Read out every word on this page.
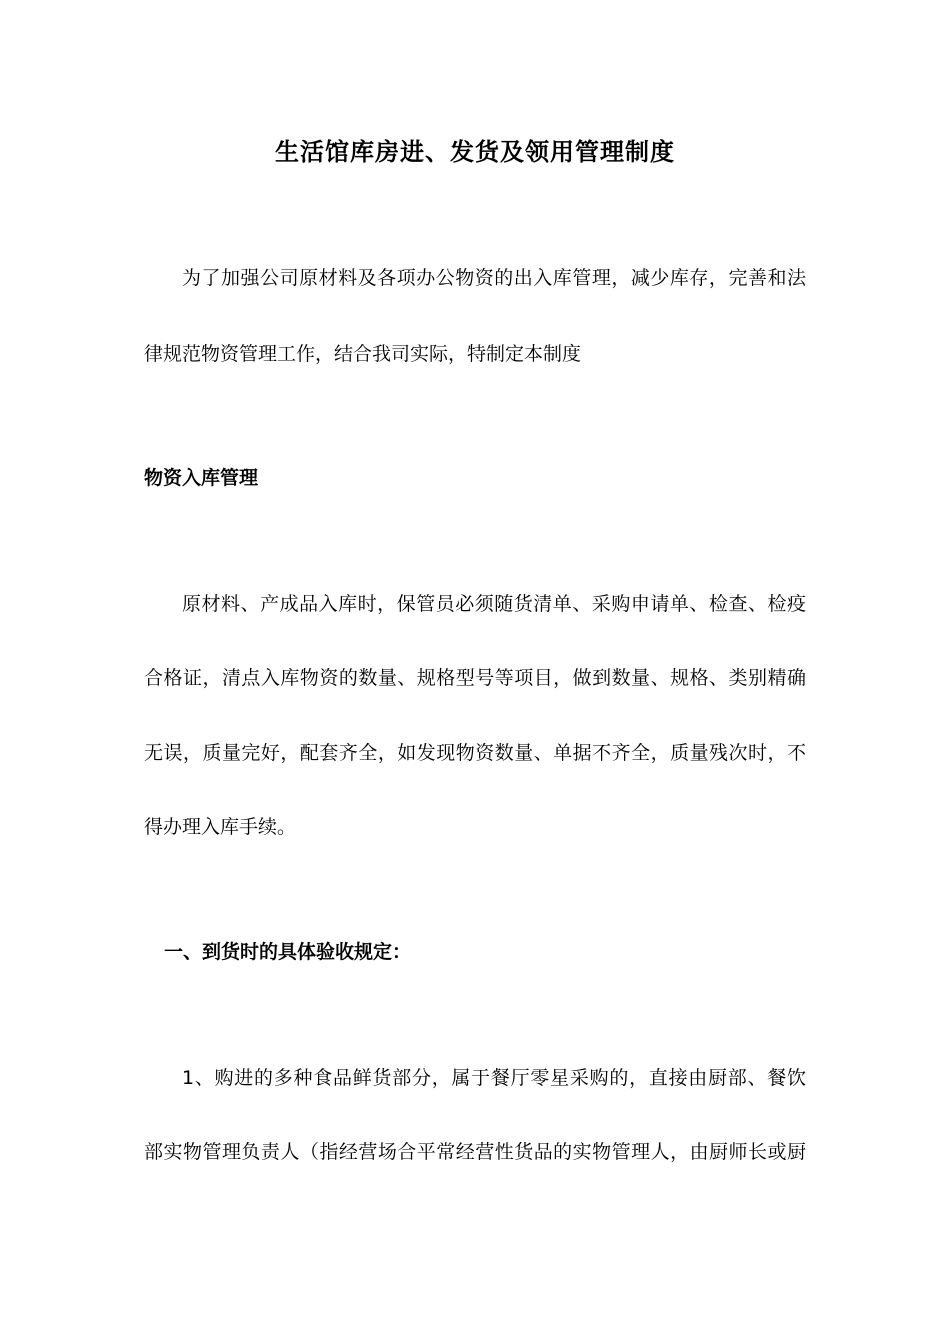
生活馆库房进、发货及领用管理制度
为了加强公司原材料及各项办公物资的出入库管理，减少库存，完善和法
律规范物资管理工作，结合我司实际，特制定本制度
物资入库管理
原材料、产成品入库时，保管员必须随货清单、采购申请单、检查、检疫
合格证，清点入库物资的数量、规格型号等项目，做到数量、规格、类别精确
无误，质量完好，配套齐全，如发现物资数量、单据不齐全，质量残次时，不
得办理入库手续。
一、到货时的具体验收规定：
1、购进的多种食品鲜货部分，属于餐厅零星采购的，直接由厨部、餐饮
部实物管理负责人（指经营场合平常经营性货品的实物管理人，由厨师长或厨
